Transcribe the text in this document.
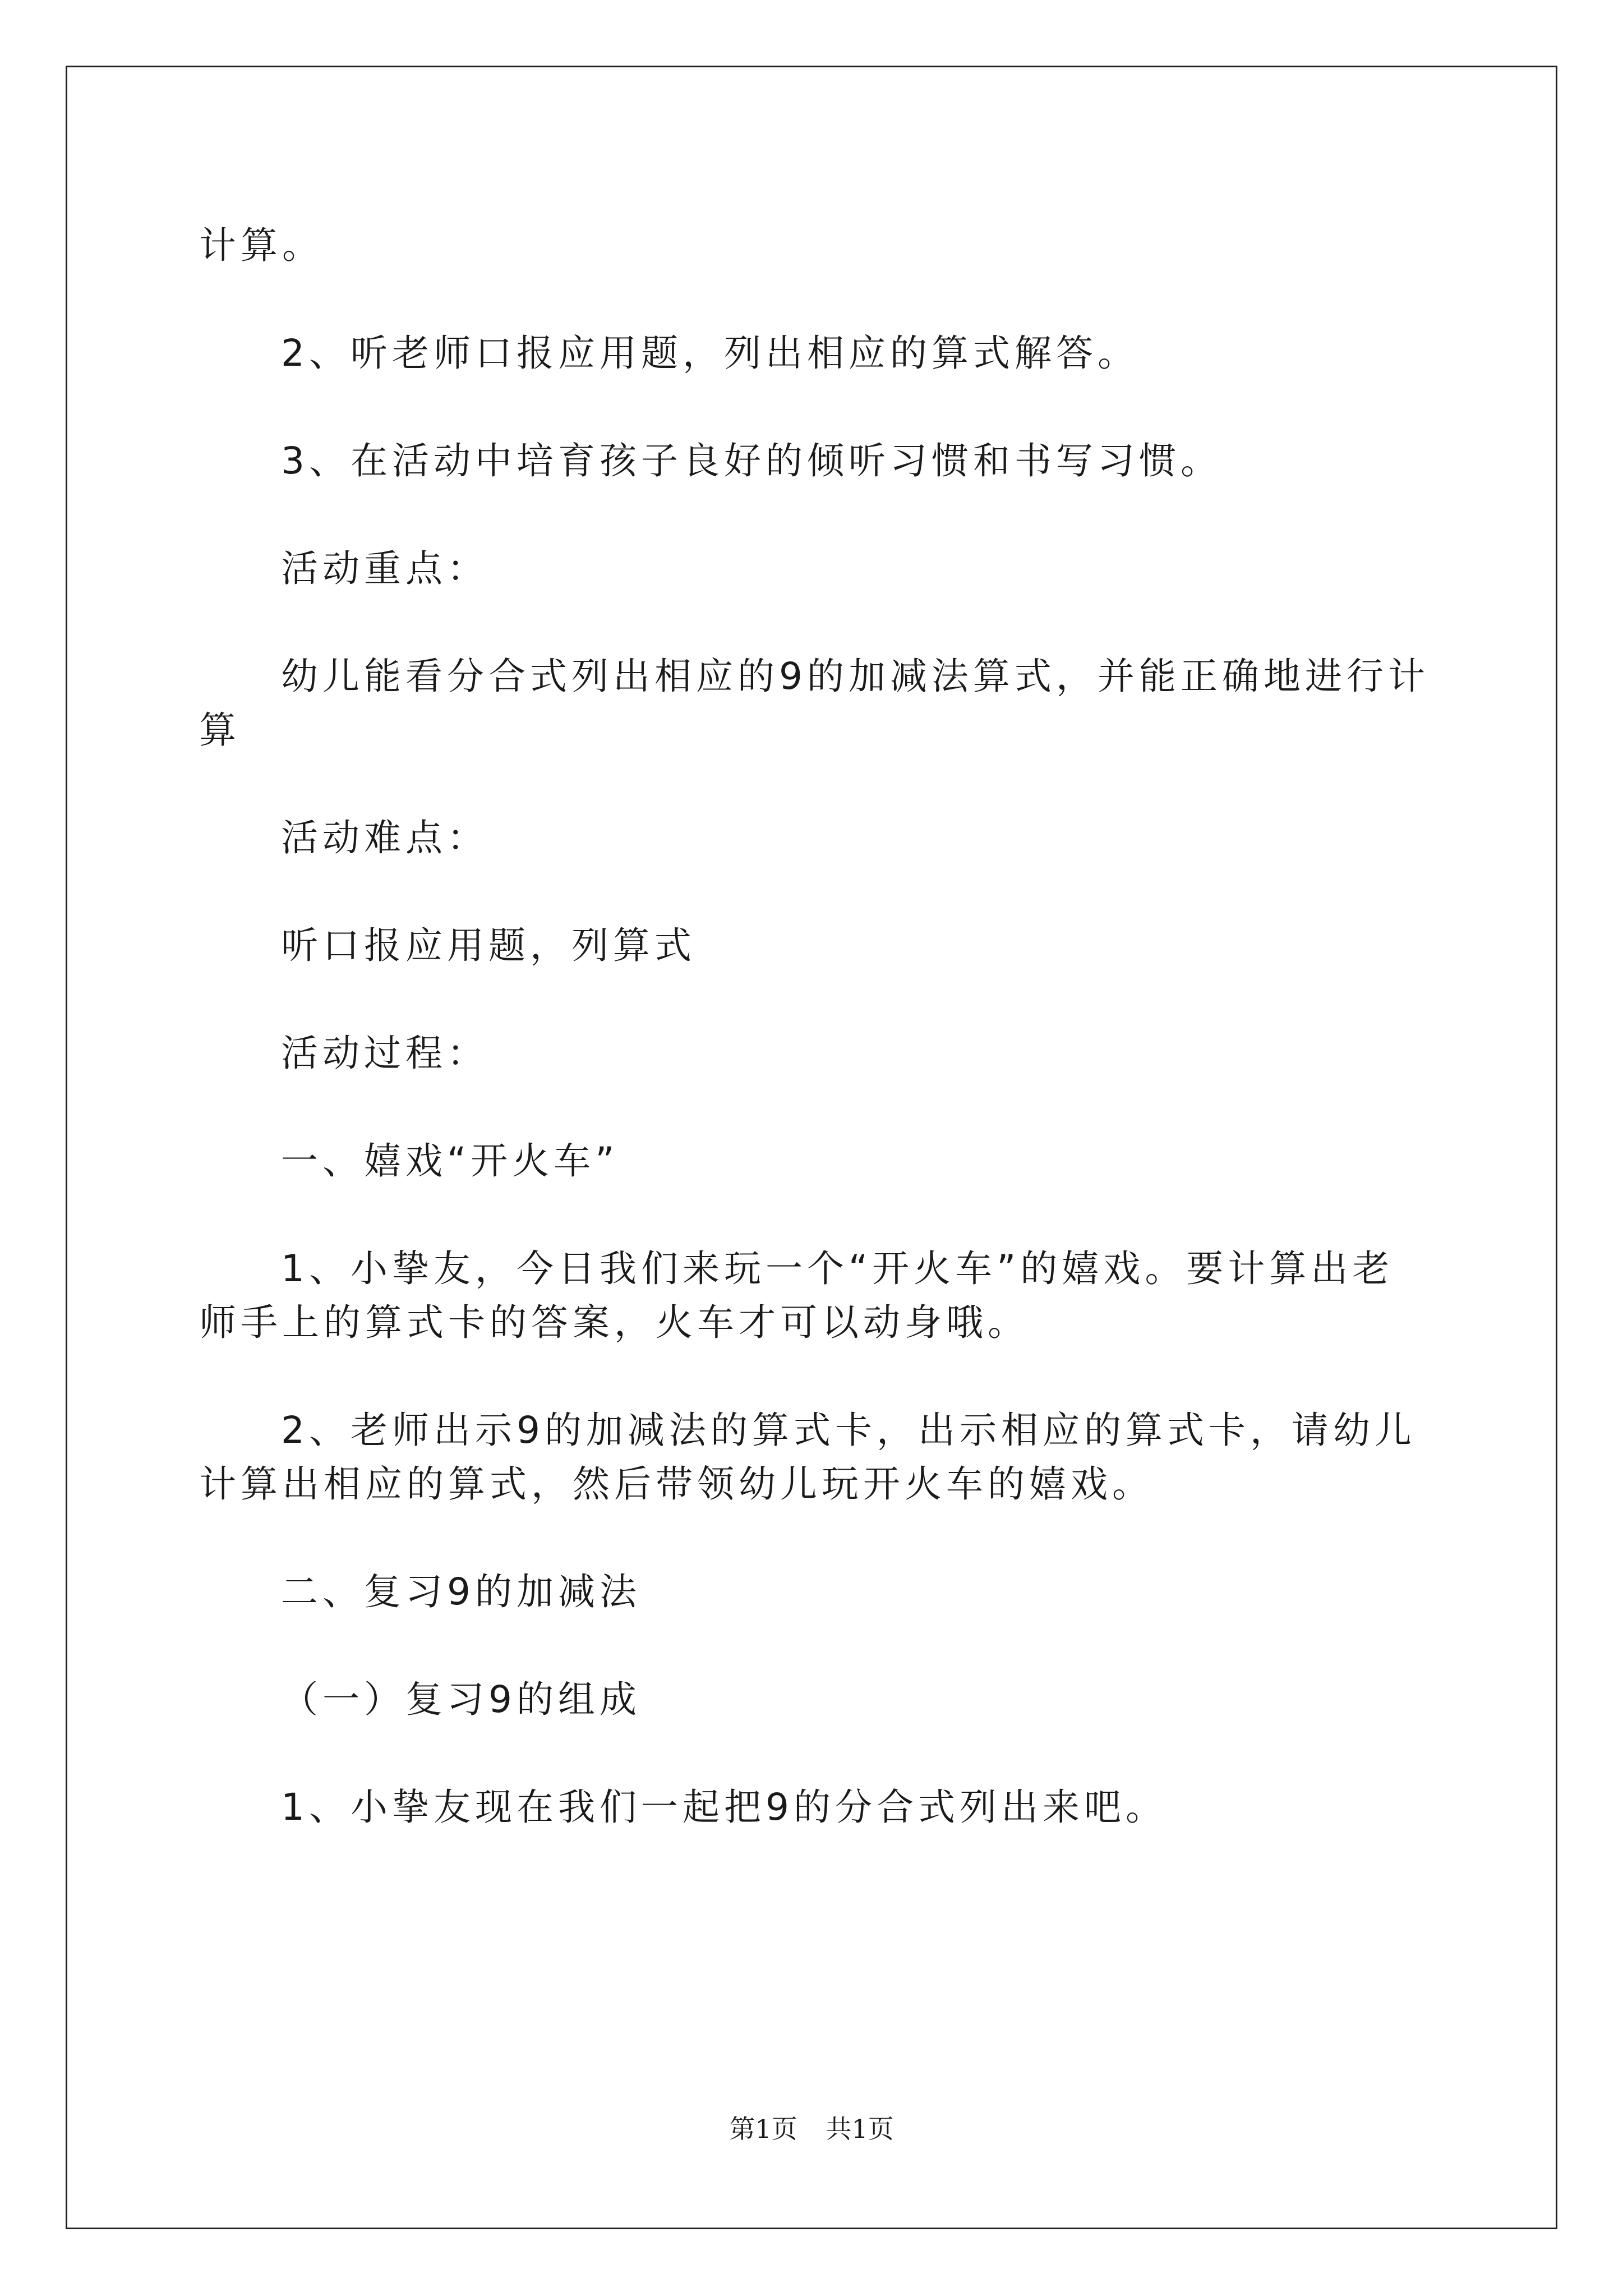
计算。

2、听老师口报应用题，列出相应的算式解答。

3、在活动中培育孩子良好的倾听习惯和书写习惯。

活动重点：

幼儿能看分合式列出相应的9的加减法算式，并能正确地进行计算

活动难点：

听口报应用题，列算式

活动过程：

一、嬉戏“开火车”

1、小挚友，今日我们来玩一个“开火车”的嬉戏。要计算出老师手上的算式卡的答案，火车才可以动身哦。

2、老师出示9的加减法的算式卡，出示相应的算式卡，请幼儿计算出相应的算式，然后带领幼儿玩开火车的嬉戏。

二、复习9的加减法

（一）复习9的组成

1、小挚友现在我们一起把9的分合式列出来吧。

第1页 共1页
